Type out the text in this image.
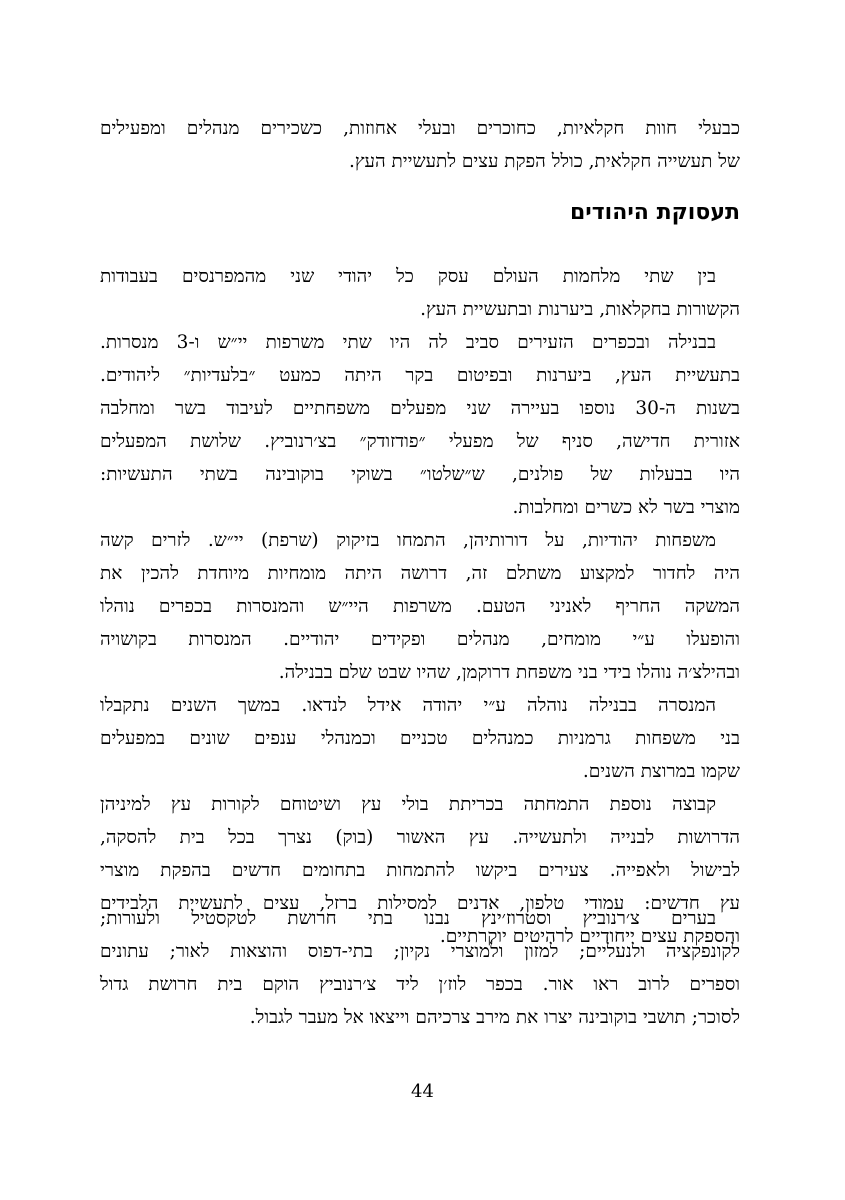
כבעלי חוות חקלאיות, כחוכרים ובעלי אחוזות, כשכירים מנהלים ומפעילים
של תעשייה חקלאית, כולל הפקת עצים לתעשיית העץ.
תעסוקת היהודים
בין שתי מלחמות העולם עסק כל יהודי שני מהמפרנסים בעבודות
הקשורות בחקלאות, ביערנות ובתעשיית העץ.
בבנילה ובכפרים הזעירים סביב לה היו שתי משרפות יי״ש ו-3 מנסרות.
בתעשיית העץ, ביערנות ובפיטום בקר היתה כמעט ״בלעדיות״ ליהודים.
בשנות ה-30 נוספו בעיירה שני מפעלים משפחתיים לעיבוד בשר ומחלבה
אזורית חדישה, סניף של מפעלי ״פודזודק״ בצ׳רנוביץ. שלושת המפעלים
היו בבעלות של פולנים, ש״שלטו״ בשוקי בוקובינה בשתי התעשיות:
מוצרי בשר לא כשרים ומחלבות.
משפחות יהודיות, על דורותיהן, התמחו בזיקוק (שרפת) יי״ש. לזרים קשה
היה לחדור למקצוע משתלם זה, דרושה היתה מומחיות מיוחדת להכין את
המשקה החריף לאניני הטעם. משרפות היי״ש והמנסרות בכפרים נוהלו
והופעלו ע״י מומחים, מנהלים ופקידים יהודיים. המנסרות בקושויה
ובהילצ׳ה נוהלו בידי בני משפחת דרוקמן, שהיו שבט שלם בבנילה.
המנסרה בבנילה נוהלה ע״י יהודה אידל לנדאו. במשך השנים נתקבלו
בני משפחות גרמניות כמנהלים טכניים וכמנהלי ענפים שונים במפעלים
שקמו במרוצת השנים.
קבוצה נוספת התמחתה בכריתת בולי עץ ושיטוחם לקורות עץ למיניהן
הדרושות לבנייה ולתעשייה. עץ האשור (בוק) נצרך בכל בית להסקה,
לבישול ולאפייה. צעירים ביקשו להתמחות בתחומים חדשים בהפקת מוצרי
עץ חדשים: עמודי טלפון, אדנים למסילות ברזל, עצים לתעשיית הלבידים
והספקת עצים ייחודיים לרהיטים יוקרתיים.
בערים צ׳רנוביץ וסטרוז׳ינץ נבנו בתי חרושת לטקסטיל ולעורות;
לקונפקציה ולנעליים; למזון ולמוצרי נקיון; בתי-דפוס והוצאות לאור; עתונים
וספרים לרוב ראו אור. בכפר לוז׳ן ליד צ׳רנוביץ הוקם בית חרושת גדול
לסוכר; תושבי בוקובינה יצרו את מירב צרכיהם וייצאו אל מעבר לגבול.
44
